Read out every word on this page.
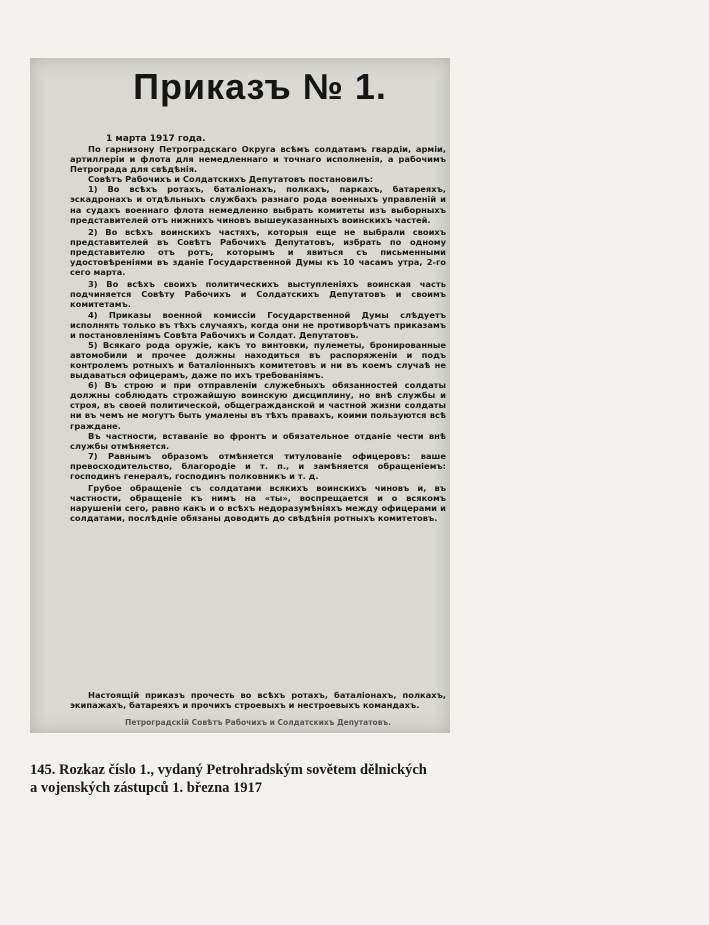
Приказъ № 1.
1 марта 1917 года.

По гарнизону Петроградскаго Округа всѣмъ солдатамъ гвардіи, арміи, артиллеріи и флота для немедленнаго и точнаго исполненія, а рабочимъ Петрограда для свѣдѣнія.

Совѣтъ Рабочихъ и Солдатскихъ Депутатовъ постановилъ:

1) Во всѣхъ ротахъ, баталіонахъ, полкахъ, паркахъ, батареяхъ, эскадронахъ и отдѣльныхъ службахъ разнаго рода военныхъ управленій и на судахъ военнаго флота немедленно выбрать комитеты изъ выборныхъ представителей отъ нижнихъ чиновъ вышеуказанныхъ воинскихъ частей.

2) Во всѣхъ воинскихъ частяхъ, которыя еще не выбрали своихъ представителей въ Совѣтъ Рабочихъ Депутатовъ, избрать по одному представителю отъ ротъ, которымъ и явиться съ письменными удостовѣреніями въ зданіе Государственной Думы къ 10 часамъ утра, 2-го сего марта.

3) Во всѣхъ своихъ политическихъ выступленіяхъ воинская часть подчиняется Совѣту Рабочихъ и Солдатскихъ Депутатовъ и своимъ комитетамъ.

4) Приказы военной комиссіи Государственной Думы слѣдуетъ исполнять только въ тѣхъ случаяхъ, когда они не противорѣчатъ приказамъ и постановленіямъ Совѣта Рабочихъ и Солдат. Депутатовъ.

5) Всякаго рода оружіе, какъ то винтовки, пулеметы, бронированные автомобили и прочее должны находиться въ распоряженіи и подъ контролемъ ротныхъ и баталіонныхъ комитетовъ и ни въ коемъ случаѣ не выдаваться офицерамъ, даже по ихъ требованіямъ.

6) Въ строю и при отправленіи служебныхъ обязанностей солдаты должны соблюдать строжайшую воинскую дисциплину, но внѣ службы и строя, въ своей политической, общегражданской и частной жизни солдаты ни въ чемъ не могутъ быть умалены въ тѣхъ правахъ, коими пользуются всѣ граждане.

Въ частности, вставаніе во фронтъ и обязательное отданіе чести внѣ службы отмѣняется.

7) Равнымъ образомъ отмѣняется титулованіе офицеровъ: ваше превосходительство, благородіе и т. п., и замѣняется обращеніемъ: господинъ генералъ, господинъ полковникъ и т. д.

Грубое обращеніе съ солдатами всякихъ воинскихъ чиновъ и, въ частности, обращеніе къ нимъ на «ты», воспрещается и о всякомъ нарушеніи сего, равно какъ и о всѣхъ недоразумѣніяхъ между офицерами и солдатами, послѣдніе обязаны доводить до свѣдѣнія ротныхъ комитетовъ.

Настоящій приказъ прочесть во всѣхъ ротахъ, баталіонахъ, полкахъ, экипажахъ, батареяхъ и прочихъ строевыхъ и нестроевыхъ командахъ.

Петроградскій Совѣтъ Рабочихъ и Солдатскихъ Депутатовъ.
145. Rozkaz číslo 1., vydaný Petrohradským sovětem dělnických
a vojenských zástupců 1. března 1917
